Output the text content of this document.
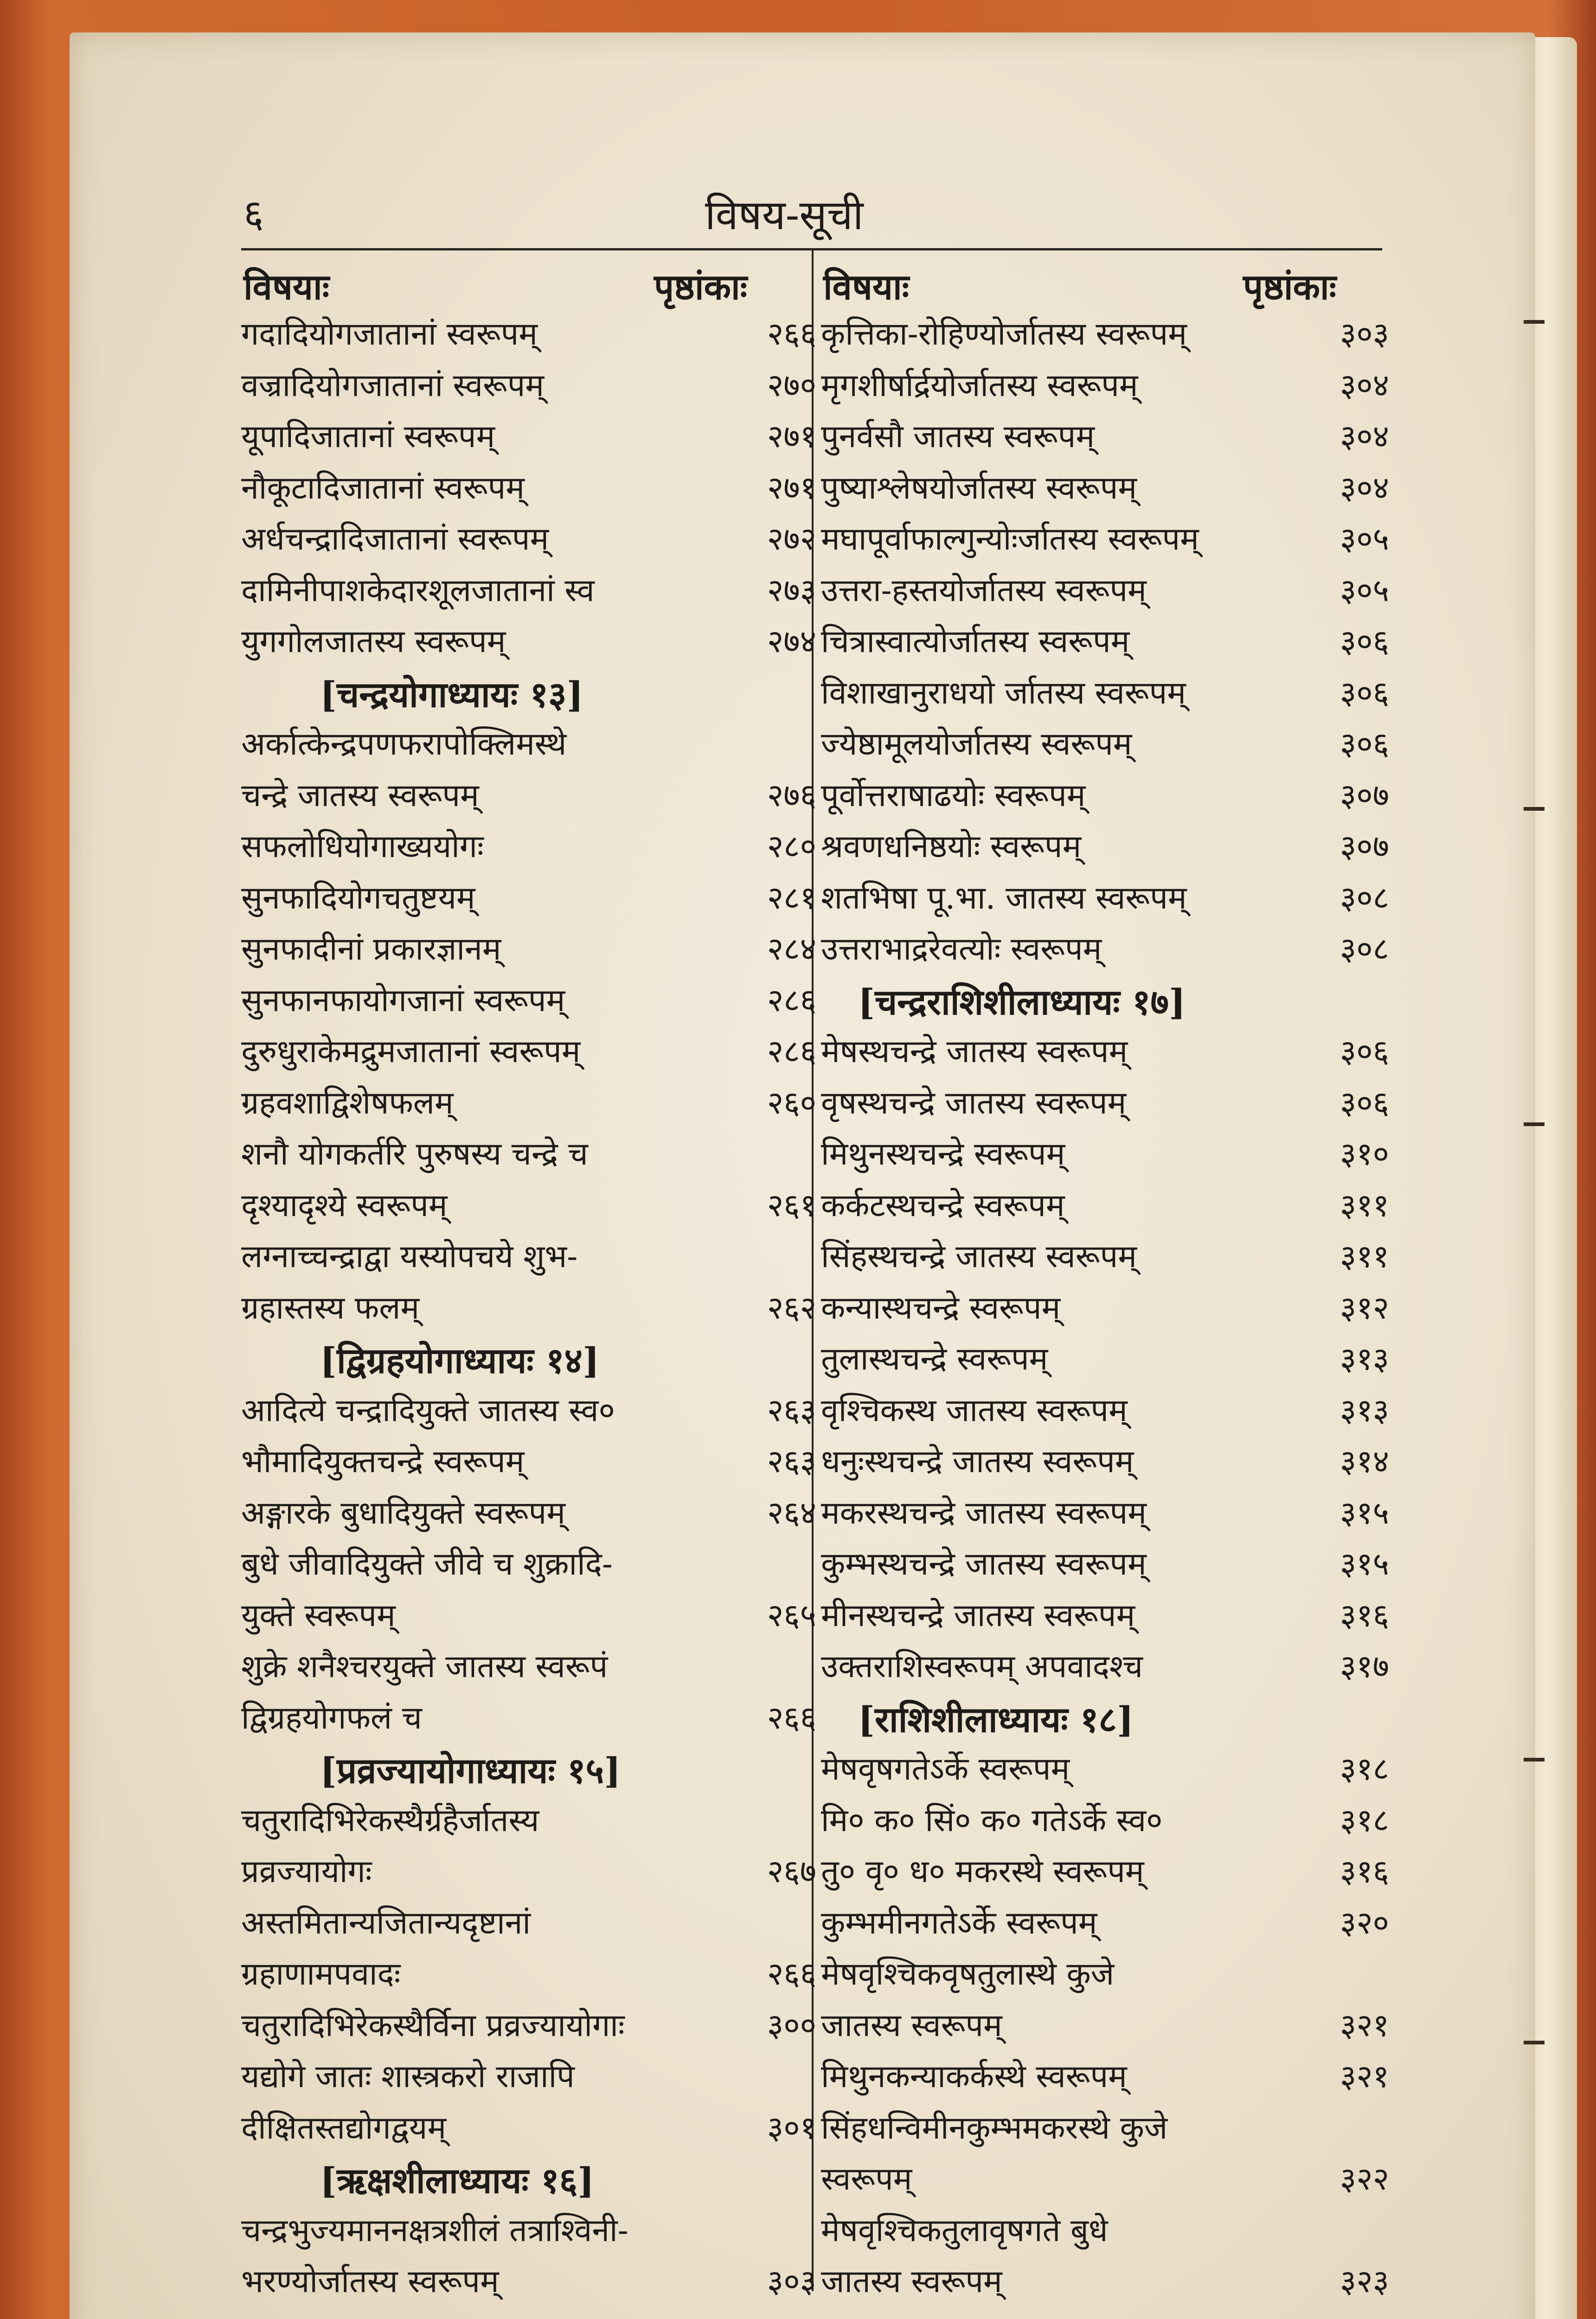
६	विषय-सूची
विषयाः	पृष्ठांकाः विषयाः	पृष्ठांकाः
गदादियोगजातानां स्वरूपम्	२६६
वज्रादियोगजातानां स्वरूपम्	२७०
यूपादिजातानां स्वरूपम्	२७१
नौकूटादिजातानां स्वरूपम्	२७१
अर्धचन्द्रादिजातानां स्वरूपम्	२७२
दामिनीपाशकेदारशूलजातानां स्व	२७३
युगगोलजातस्य स्वरूपम्	२७४
[चन्द्रयोगाध्यायः १३]
अर्कात्केन्द्रपणफरापोक्लिमस्थे
चन्द्रे जातस्य स्वरूपम्	२७६
सफलोधियोगाख्ययोगः	२८०
सुनफादियोगचतुष्टयम्	२८१
सुनफादीनां प्रकारज्ञानम्	२८४
सुनफानफायोगजानां स्वरूपम्	२८६
दुरुधुराकेमद्रुमजातानां स्वरूपम्	२८६
ग्रहवशाद्विशेषफलम्	२६०
शनौ योगकर्तरि पुरुषस्य चन्द्रे च
दृश्यादृश्ये स्वरूपम्	२६१
लग्नाच्चन्द्राद्वा यस्योपचये शुभ-
ग्रहास्तस्य फलम्	२६२
[द्विग्रहयोगाध्यायः १४]
आदित्ये चन्द्रादियुक्ते जातस्य स्व०	२६३
भौमादियुक्तचन्द्रे स्वरूपम्	२६३
अङ्गारके बुधादियुक्ते स्वरूपम्	२६४
बुधे जीवादियुक्ते जीवे च शुक्रादि-
युक्ते स्वरूपम्	२६५
शुक्रे शनैश्चरयुक्ते जातस्य स्वरूपं
द्विग्रहयोगफलं च	२६६
[प्रव्रज्यायोगाध्यायः १५]
चतुरादिभिरेकस्थैर्ग्रहैर्जातस्य
प्रव्रज्यायोगः	२६७
अस्तमितान्यजितान्यदृष्टानां
ग्रहाणामपवादः	२६६
चतुरादिभिरेकस्थैर्विना प्रव्रज्यायोगाः	३००
यद्योगे जातः शास्त्रकरो राजापि
दीक्षितस्तद्योगद्वयम्	३०१
[ऋक्षशीलाध्यायः १६]
चन्द्रभुज्यमाननक्षत्रशीलं तत्राश्विनी-
भरण्योर्जातस्य स्वरूपम्	३०३
कृत्तिका-रोहिण्योर्जातस्य स्वरूपम्	३०३
मृगशीर्षार्द्रयोर्जातस्य स्वरूपम्	३०४
पुनर्वसौ जातस्य स्वरूपम्	३०४
पुष्याश्लेषयोर्जातस्य स्वरूपम्	३०४
मघापूर्वाफाल्गुन्योःर्जातस्य स्वरूपम्	३०५
उत्तरा-हस्तयोर्जातस्य स्वरूपम्	३०५
चित्रास्वात्योर्जातस्य स्वरूपम्	३०६
विशाखानुराधयो र्जातस्य स्वरूपम्	३०६
ज्येष्ठामूलयोर्जातस्य स्वरूपम्	३०६
पूर्वोत्तराषाढयोः स्वरूपम्	३०७
श्रवणधनिष्ठयोः स्वरूपम्	३०७
शतभिषा पू.भा. जातस्य स्वरूपम्	३०८
उत्तराभाद्ररेवत्योः स्वरूपम्	३०८
[चन्द्रराशिशीलाध्यायः १७]
मेषस्थचन्द्रे जातस्य स्वरूपम्	३०६
वृषस्थचन्द्रे जातस्य स्वरूपम्	३०६
मिथुनस्थचन्द्रे स्वरूपम्	३१०
कर्कटस्थचन्द्रे स्वरूपम्	३११
सिंहस्थचन्द्रे जातस्य स्वरूपम्	३११
कन्यास्थचन्द्रे स्वरूपम्	३१२
तुलास्थचन्द्रे स्वरूपम्	३१३
वृश्चिकस्थ जातस्य स्वरूपम्	३१३
धनुःस्थचन्द्रे जातस्य स्वरूपम्	३१४
मकरस्थचन्द्रे जातस्य स्वरूपम्	३१५
कुम्भस्थचन्द्रे जातस्य स्वरूपम्	३१५
मीनस्थचन्द्रे जातस्य स्वरूपम्	३१६
उक्तराशिस्वरूपम् अपवादश्च	३१७
[राशिशीलाध्यायः १८]
मेषवृषगतेऽर्के स्वरूपम्	३१८
मि० क० सिं० क० गतेऽर्के स्व०	३१८
तु० वृ० ध० मकरस्थे स्वरूपम्	३१६
कुम्भमीनगतेऽर्के स्वरूपम्	३२०
मेषवृश्चिकवृषतुलास्थे कुजे
जातस्य स्वरूपम्	३२१
मिथुनकन्याकर्कस्थे स्वरूपम्	३२१
सिंहधन्विमीनकुम्भमकरस्थे कुजे
स्वरूपम्	३२२
मेषवृश्चिकतुलावृषगते बुधे
जातस्य स्वरूपम्	३२३
